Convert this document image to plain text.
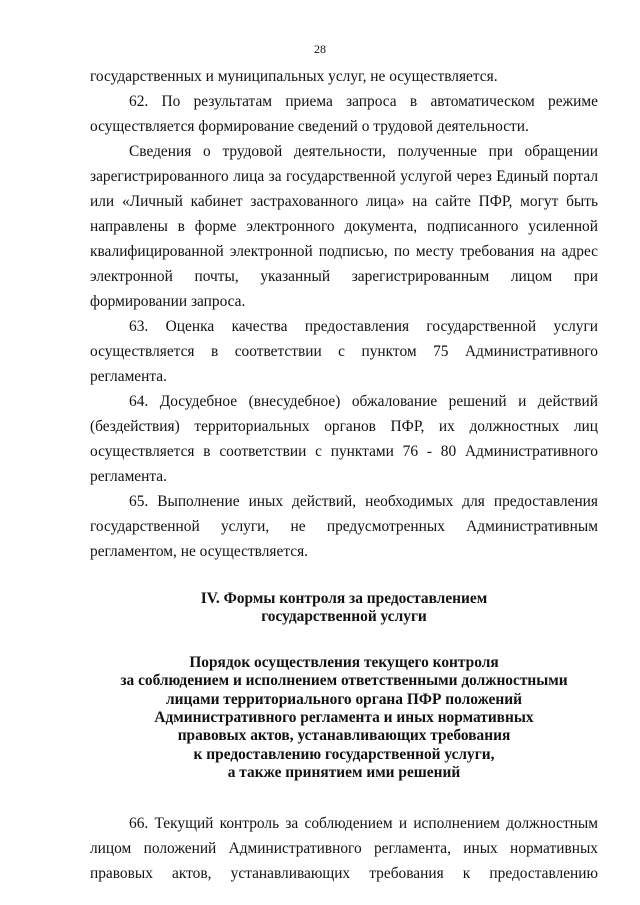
28

государственных и муниципальных услуг, не осуществляется.

62. По результатам приема запроса в автоматическом режиме осуществляется формирование сведений о трудовой деятельности.

Сведения о трудовой деятельности, полученные при обращении зарегистрированного лица за государственной услугой через Единый портал или «Личный кабинет застрахованного лица» на сайте ПФР, могут быть направлены в форме электронного документа, подписанного усиленной квалифицированной электронной подписью, по месту требования на адрес электронной почты, указанный зарегистрированным лицом при формировании запроса.

63. Оценка качества предоставления государственной услуги осуществляется в соответствии с пунктом 75 Административного регламента.

64. Досудебное (внесудебное) обжалование решений и действий (бездействия) территориальных органов ПФР, их должностных лиц осуществляется в соответствии с пунктами 76 - 80 Административного регламента.

65. Выполнение иных действий, необходимых для предоставления государственной услуги, не предусмотренных Административным регламентом, не осуществляется.

IV. Формы контроля за предоставлением
государственной услуги
Порядок осуществления текущего контроля
за соблюдением и исполнением ответственными должностными
лицами территориального органа ПФР положений
Административного регламента и иных нормативных
правовых актов, устанавливающих требования
к предоставлению государственной услуги,
а также принятием ими решений

66. Текущий контроль за соблюдением и исполнением должностным лицом положений Административного регламента, иных нормативных правовых актов, устанавливающих требования к предоставлению
